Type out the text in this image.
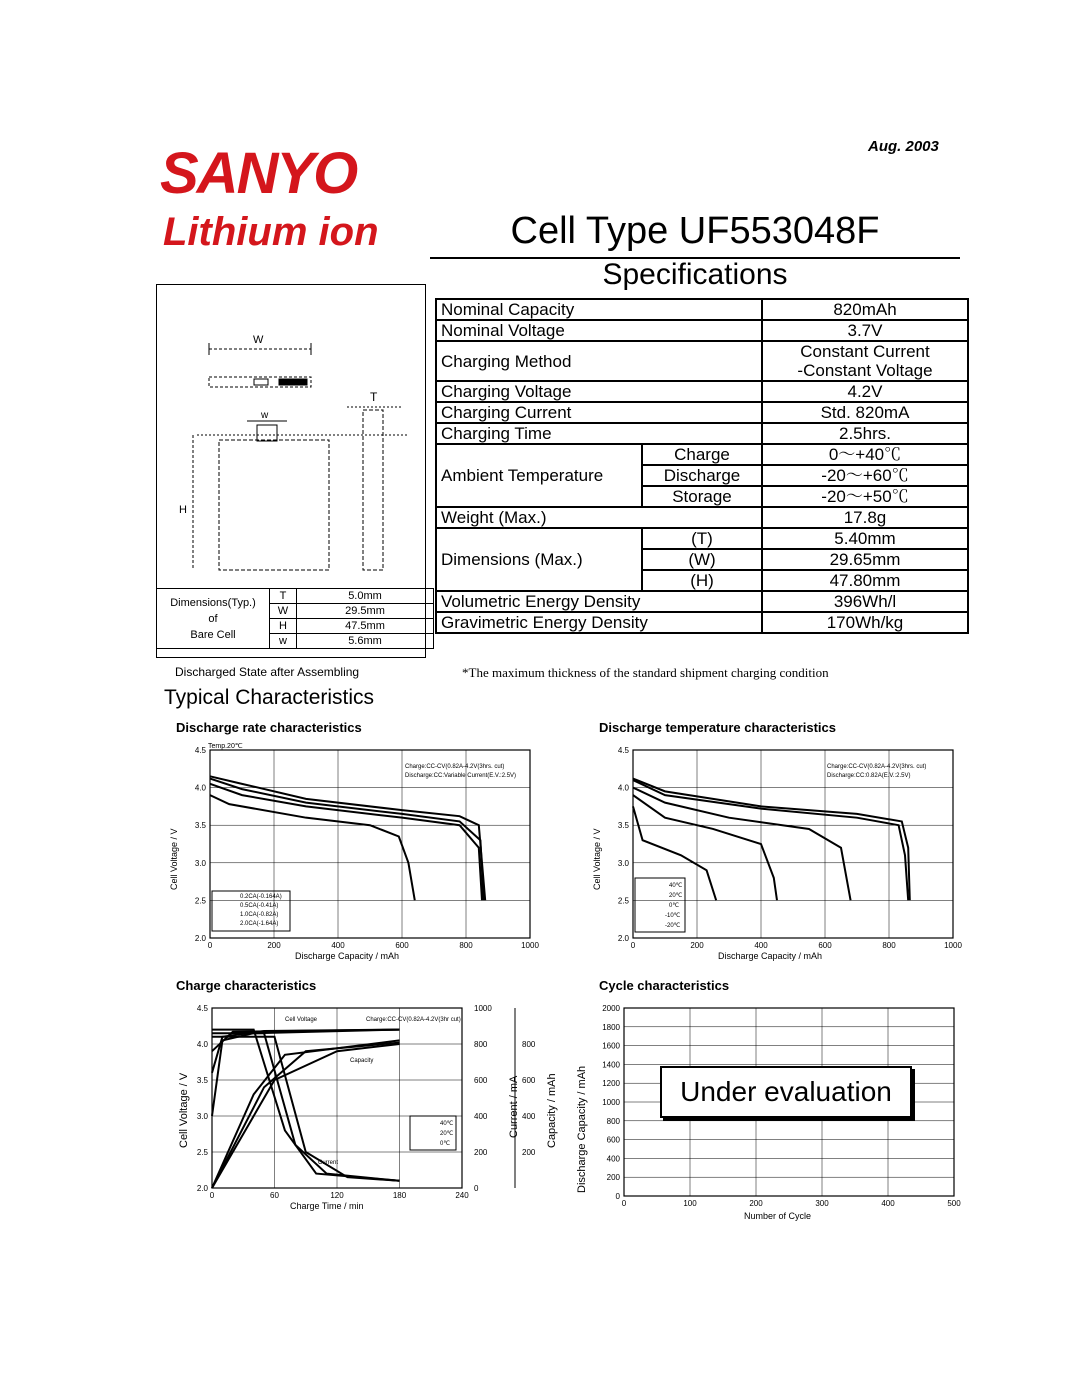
SANYO
Lithium ion
Aug. 2003
Cell Type UF553048F
Specifications
W
T
w
H
Dimensions(Typ.)
of
Bare Cell	T	5.0mm
	W	29.5mm
	H	47.5mm
	w	5.6mm
Discharged State after Assembling
Nominal Capacity		820mAh
Nominal Voltage		3.7V
Charging Method		Constant Current
		-Constant Voltage
Charging Voltage		4.2V
Charging Current		Std. 820mA
Charging Time		2.5hrs.
Ambient Temperature	Charge	0～+40℃
	Discharge	-20～+60℃
	Storage	-20～+50℃
Weight (Max.)		17.8g
Dimensions (Max.)	(T)	5.40mm
	(W)	29.65mm
	(H)	47.80mm
Volumetric Energy Density		396Wh/l
Gravimetric Energy Density		170Wh/kg
*The maximum thickness of the standard shipment charging condition
Typical Characteristics
Discharge rate characteristics	Discharge temperature characteristics
Charge characteristics	Cycle characteristics
0	200	400	600	800	1000
2.0
2.5
3.0
3.5
4.0
4.5 Temp.20℃
Charge:CC-CV(0.82A-4.2V(3hrs. cut)
Discharge:CC:Variable Current(E.V.:2.5V)
0.2CA(-0.164A)
0.5CA(-0.41A)
1.0CA(-0.82A)
2.0CA(-1.64A)
Discharge Capacity / mAh
Cell Voltage / V
0	200	400	600	800	1000
2.0
2.5
3.0
3.5
4.0
4.5
Charge:CC-CV(0.82A-4.2V(3hrs. cut)
Discharge:CC:0.82A(E.V.:2.5V)
40℃
20℃
0℃
-10℃
-20℃
Discharge Capacity / mAh
Cell Voltage / V
0	60	120	180	240
2.0
2.5
3.0
3.5
4.0
4.5
0
200
400
600
800
1000
200
400
600
800
Cell Voltage	Charge:CC-CV(0.82A-4.2V(3hr cut)
Capacity
Current
40℃
20℃
0℃
Charge Time / min
Cell Voltage / V	Current / mA Capacity / mAh
0	100	200	300	400	500
0
200
400
600
800
1000
1200
1400
1600
1800
2000
Number of Cycle
Discharge Capacity / mAh	Under evaluation
